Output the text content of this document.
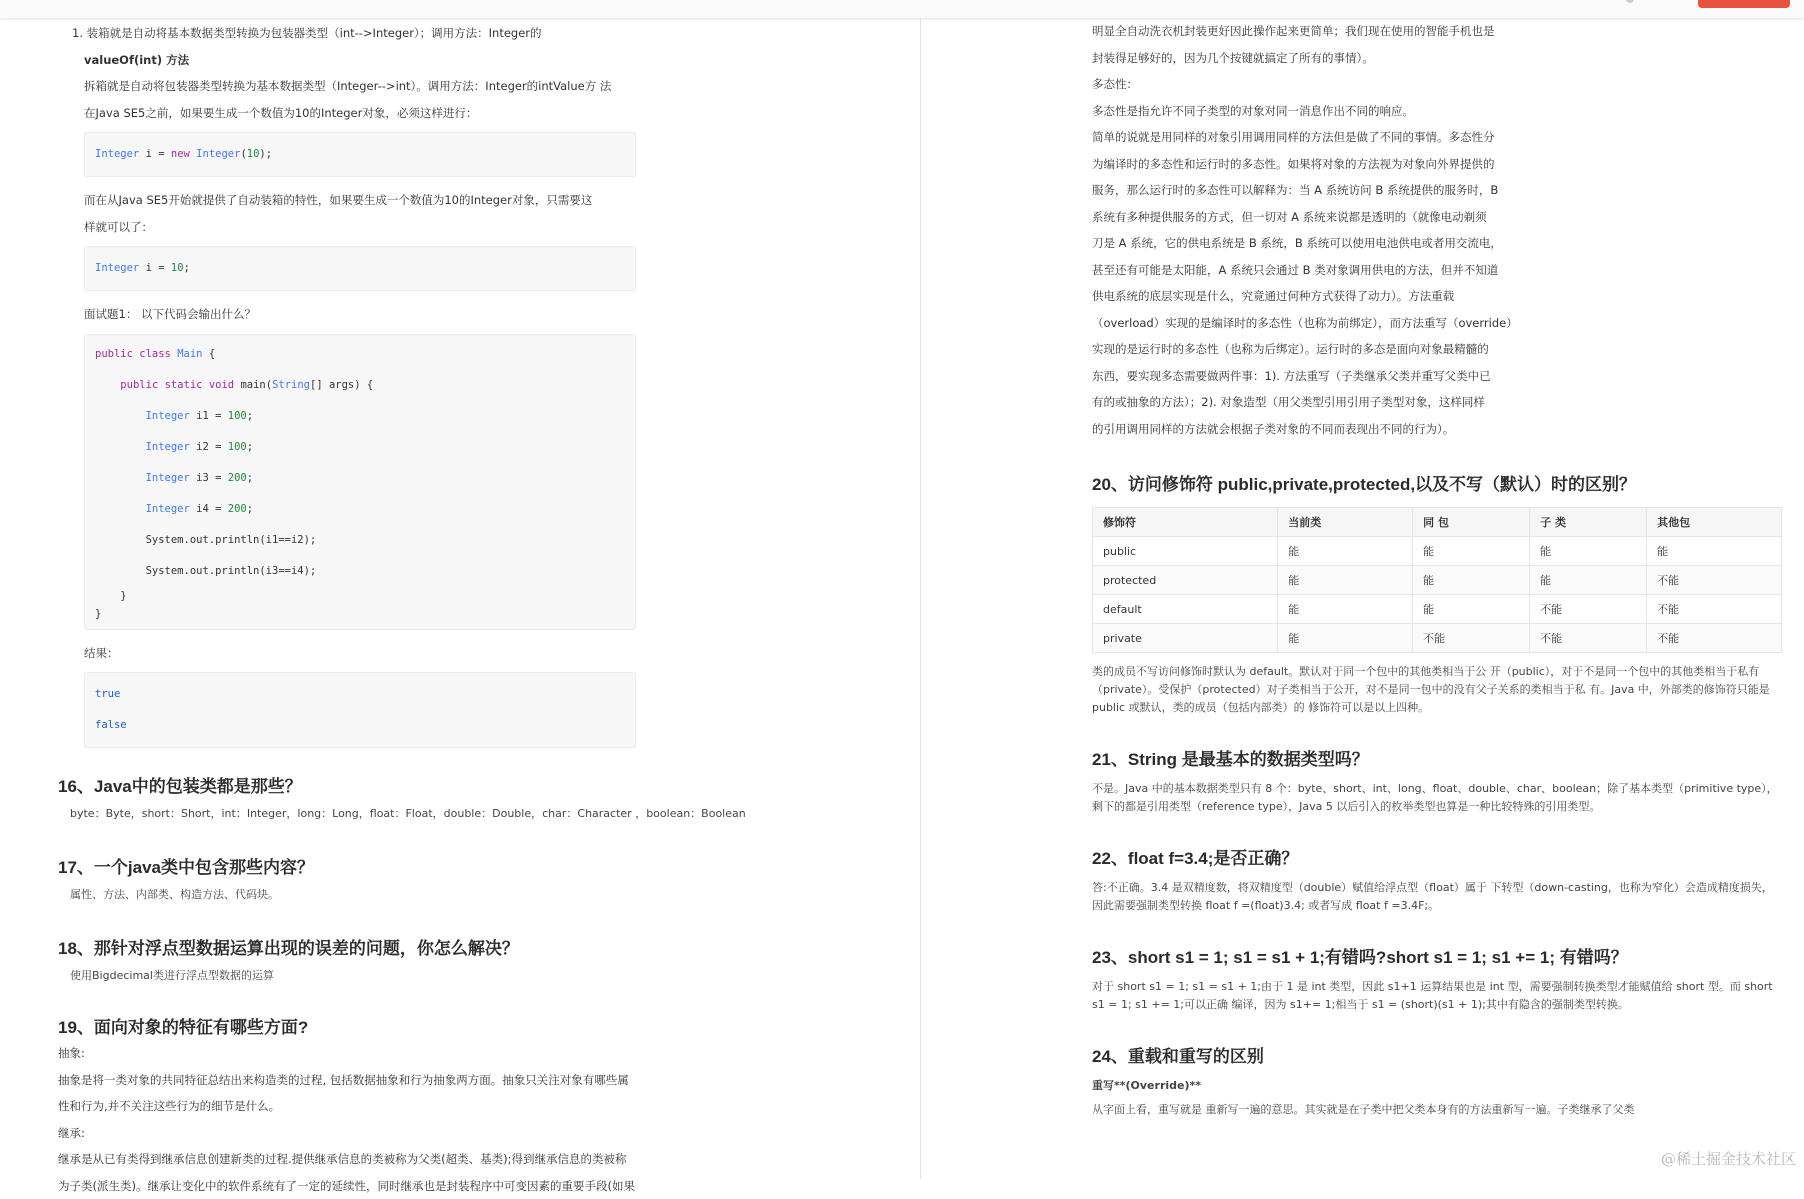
1. 装箱就是自动将基本数据类型转换为包装器类型（int-->Integer）；调用方法：Integer的

valueOf(int) 方法

拆箱就是自动将包装器类型转换为基本数据类型（Integer-->int）。调用方法：Integer的intValue方 法

在Java SE5之前，如果要生成一个数值为10的Integer对象，必须这样进行：

Integer i = new Integer(10);

而在从Java SE5开始就提供了自动装箱的特性，如果要生成一个数值为10的Integer对象，只需要这

样就可以了：

Integer i = 10;

面试题1： 以下代码会输出什么？

public class Main {
public static void main(String[] args) {
Integer i1 = 100;
Integer i2 = 100;
Integer i3 = 200;
Integer i4 = 200;
System.out.println(i1==i2);
System.out.println(i3==i4);
}
}

结果：

true
false
16、Java中的包装类都是那些？

byte：Byte，short：Short，int：Integer，long：Long，float：Float，double：Double，char：Character ，boolean：Boolean

17、一个java类中包含那些内容？

属性、方法、内部类、构造方法、代码块。

18、那针对浮点型数据运算出现的误差的问题，你怎么解决？

使用Bigdecimal类进行浮点型数据的运算

19、面向对象的特征有哪些方面?

抽象:

抽象是将一类对象的共同特征总结出来构造类的过程, 包括数据抽象和行为抽象两方面。抽象只关注对象有哪些属

性和行为,并不关注这些行为的细节是什么。

继承:

继承是从已有类得到继承信息创建新类的过程.提供继承信息的类被称为父类(超类、基类);得到继承信息的类被称

为子类(派生类)。继承让变化中的软件系统有了一定的延续性，同时继承也是封装程序中可变因素的重要手段(如果

明显全自动洗衣机封装更好因此操作起来更简单；我们现在使用的智能手机也是

封装得足够好的，因为几个按键就搞定了所有的事情）。

多态性：

多态性是指允许不同子类型的对象对同一消息作出不同的响应。

简单的说就是用同样的对象引用调用同样的方法但是做了不同的事情。多态性分

为编译时的多态性和运行时的多态性。如果将对象的方法视为对象向外界提供的

服务，那么运行时的多态性可以解释为：当 A 系统访问 B 系统提供的服务时，B

系统有多种提供服务的方式，但一切对 A 系统来说都是透明的（就像电动剃须

刀是 A 系统，它的供电系统是 B 系统，B 系统可以使用电池供电或者用交流电，

甚至还有可能是太阳能，A 系统只会通过 B 类对象调用供电的方法，但并不知道

供电系统的底层实现是什么，究竟通过何种方式获得了动力）。方法重载

（overload）实现的是编译时的多态性（也称为前绑定），而方法重写（override）

实现的是运行时的多态性（也称为后绑定）。运行时的多态是面向对象最精髓的

东西，要实现多态需要做两件事：1). 方法重写（子类继承父类并重写父类中已

有的或抽象的方法）；2). 对象造型（用父类型引用引用子类型对象，这样同样

的引用调用同样的方法就会根据子类对象的不同而表现出不同的行为）。

20、访问修饰符 public,private,protected,以及不写（默认）时的区别？
修饰符	当前类	同 包	子 类	其他包
public	能	能	能	能
protected	能	能	能	不能
default	能	能	不能	不能
private	能	不能	不能	不能

类的成员不写访问修饰时默认为 default。默认对于同一个包中的其他类相当于公 开（public），对于不是同一个包中的其他类相当于私有（private）。受保护（protected）对子类相当于公开，对不是同一包中的没有父子关系的类相当于私 有。Java 中，外部类的修饰符只能是 public 或默认，类的成员（包括内部类）的 修饰符可以是以上四种。

21、String 是最基本的数据类型吗？

不是。Java 中的基本数据类型只有 8 个：byte、short、int、long、float、double、char、boolean；除了基本类型（primitive type），剩下的都是引用类型（reference type），Java 5 以后引入的枚举类型也算是一种比较特殊的引用类型。

22、float f=3.4;是否正确？

答:不正确。3.4 是双精度数，将双精度型（double）赋值给浮点型（float）属于 下转型（down-casting，也称为窄化）会造成精度损失，因此需要强制类型转换 float f =(float)3.4; 或者写成 float f =3.4F;。

23、short s1 = 1; s1 = s1 + 1;有错吗?short s1 = 1; s1 += 1; 有错吗？

对于 short s1 = 1; s1 = s1 + 1;由于 1 是 int 类型，因此 s1+1 运算结果也是 int 型，需要强制转换类型才能赋值给 short 型。而 short s1 = 1; s1 += 1;可以正确 编译，因为 s1+= 1;相当于 s1 = (short)(s1 + 1);其中有隐含的强制类型转换。

24、重载和重写的区别

重写**(Override)**

从字面上看，重写就是 重新写一遍的意思。其实就是在子类中把父类本身有的方法重新写一遍。子类继承了父类

@稀土掘金技术社区
